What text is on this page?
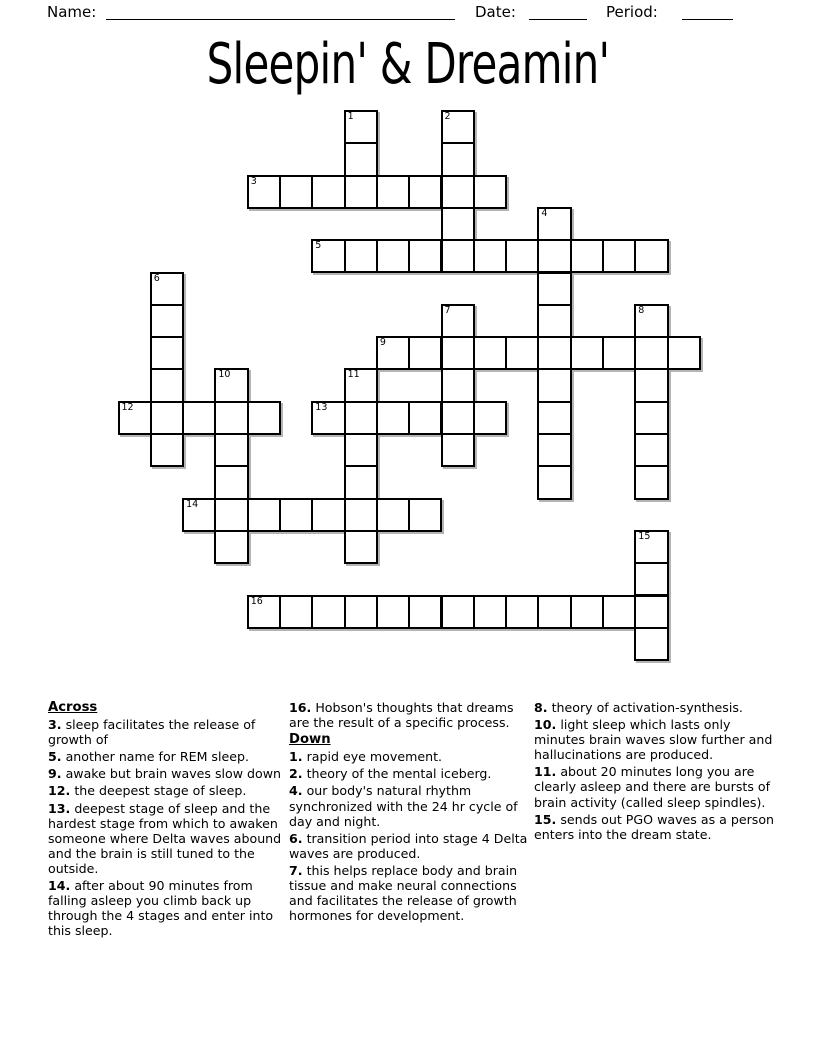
Name:	Date:	Period:
Sleepin' & Dreamin'
1	2
3
4
5
6
7	8
9
10	11
12	13
14
15
16
Across

3. sleep facilitates the release of growth of

5. another name for REM sleep.

9. awake but brain waves slow down

12. the deepest stage of sleep.

13. deepest stage of sleep and the hardest stage from which to awaken someone where Delta waves abound and the brain is still tuned to the outside.

14. after about 90 minutes from falling asleep you climb back up through the 4 stages and enter into this sleep.

16. Hobson's thoughts that dreams are the result of a specific process.

Down

1. rapid eye movement.

2. theory of the mental iceberg.

4. our body's natural rhythm synchronized with the 24 hr cycle of day and night.

6. transition period into stage 4 Delta waves are produced.

7. this helps replace body and brain tissue and make neural connections and facilitates the release of growth hormones for development.

8. theory of activation-synthesis.

10. light sleep which lasts only minutes brain waves slow further and hallucinations are produced.

11. about 20 minutes long you are clearly asleep and there are bursts of brain activity (called sleep spindles).

15. sends out PGO waves as a person enters into the dream state.
